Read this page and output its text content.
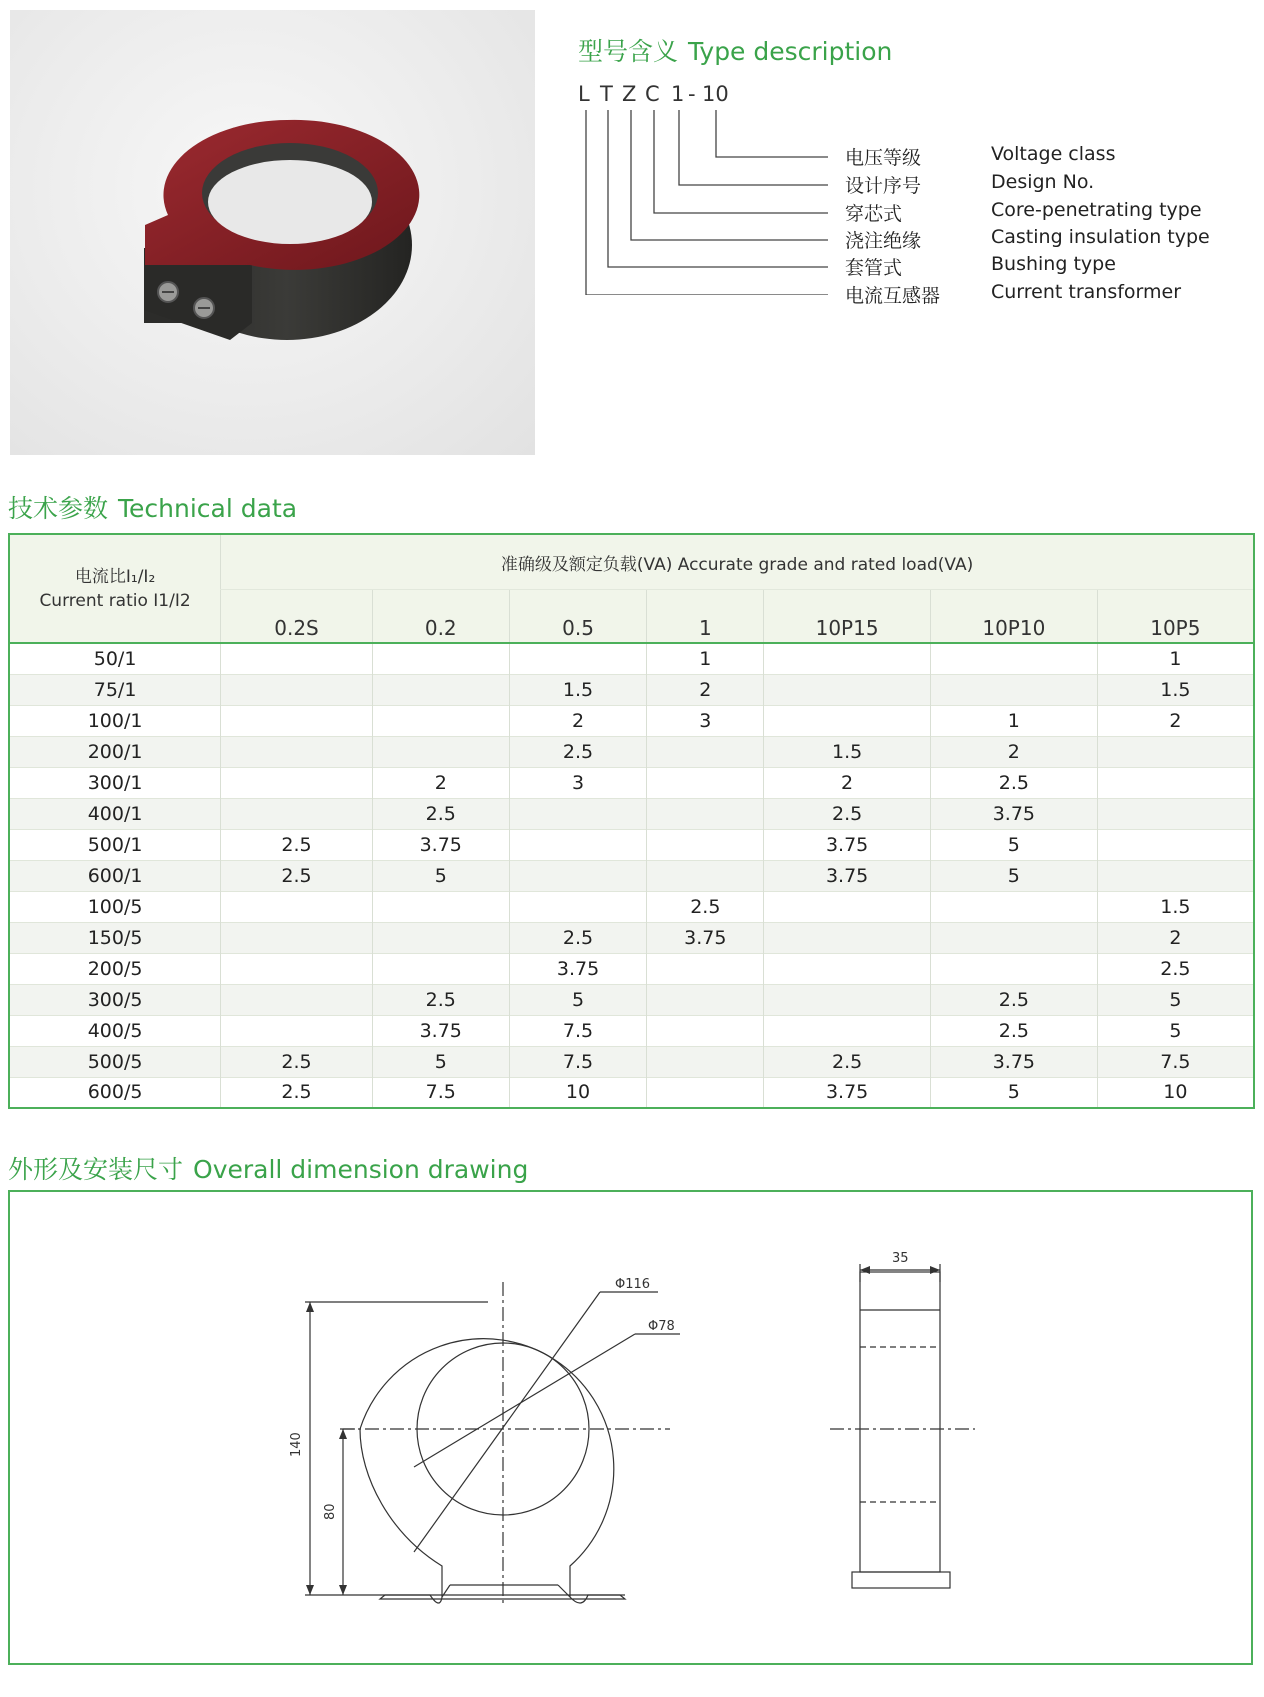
型号含义 Type description
L T Z C 1 - 10
电压等级	Voltage class
设计序号	Design No.
穿芯式	Core-penetrating type
浇注绝缘	Casting insulation type
套管式	Bushing type
电流互感器	Current transformer
技术参数 Technical data
电流比I₁/I₂
Current ratio I1/I2	准确级及额定负载(VA) Accurate grade and rated load(VA)						
	0.2S	0.2	0.5	1	10P15	10P10	10P5
50/1				1			1
75/1			1.5	2			1.5
100/1			2	3		1	2
200/1			2.5		1.5	2	
300/1		2	3		2	2.5	
400/1		2.5			2.5	3.75	
500/1	2.5	3.75			3.75	5	
600/1	2.5	5			3.75	5	
100/5				2.5			1.5
150/5			2.5	3.75			2
200/5			3.75				2.5
300/5		2.5	5			2.5	5
400/5		3.75	7.5			2.5	5
500/5	2.5	5	7.5		2.5	3.75	7.5
600/5	2.5	7.5	10		3.75	5	10
外形及安装尺寸 Overall dimension drawing
Φ116
Φ78
140
80
35
